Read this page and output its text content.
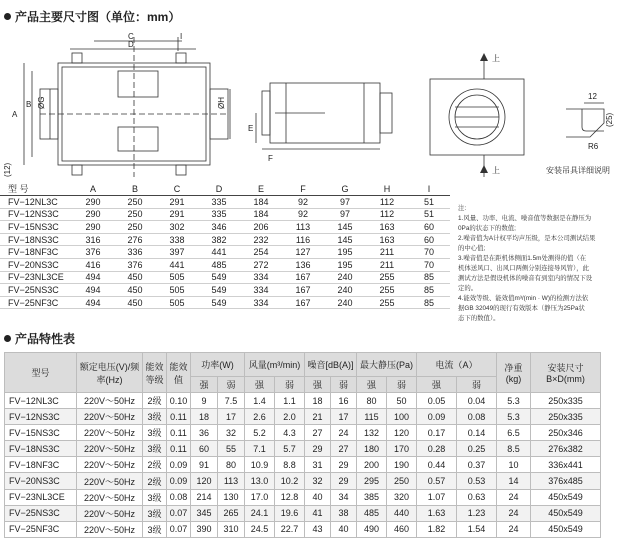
产品主要尺寸图（单位：mm）
C
D
I
A
B ØG	ØH
E
F
上
上
(12)
12
(25)
R6
安装吊具详细说明
型 号	A	B	C	D	E	F	G	H	I
FV−12NL3C	290	250	291	335	184	92	97	112	51
FV−12NS3C	290	250	291	335	184	92	97	112	51
FV−15NS3C	290	250	302	346	206	113	145	163	60
FV−18NS3C	316	276	338	382	232	116	145	163	60
FV−18NF3C	376	336	397	441	254	127	195	211	70
FV−20NS3C	416	376	441	485	272	136	195	211	70
FV−23NL3CE	494	450	505	549	334	167	240	255	85
FV−25NS3C	494	450	505	549	334	167	240	255	85
FV−25NF3C	494	450	505	549	334	167	240	255	85
注:
1.风量、功率、电流、噪音值等数据是在静压为
0Pa的状态下的数值;
2.噪音值为A计权平均声压级，是本公司测试结果
的中心值;
3.噪音值是在距机体侧面1.5m处测得的值（在
机体送风口、出风口两侧分别连接导风管），此
测试方法是假设机体的噪音有到室内的情况下设
定的。
4.能效等级、能效值m³/(min · W)的检测方法依
据GB 32049的现行有效版本（静压为25Pa状
态下的数值）。
产品特性表
型号	额定电压(V)/频率(Hz)	能效等级	能效值	功率(W)		风量(m³/min)		噪音[dB(A)]		最大静压(Pa)		电流（A）		净重(kg)	安装尺寸 B×D(mm)
				强	弱	强	弱	强	弱	强	弱	强	弱		
FV−12NL3C	220V～50Hz	2级	0.10	9	7.5	1.4	1.1	18	16	80	50	0.05	0.04	5.3	250x335
FV−12NS3C	220V～50Hz	3级	0.11	18	17	2.6	2.0	21	17	115	100	0.09	0.08	5.3	250x335
FV−15NS3C	220V～50Hz	3级	0.11	36	32	5.2	4.3	27	24	132	120	0.17	0.14	6.5	250x346
FV−18NS3C	220V～50Hz	3级	0.11	60	55	7.1	5.7	29	27	180	170	0.28	0.25	8.5	276x382
FV−18NF3C	220V～50Hz	2级	0.09	91	80	10.9	8.8	31	29	200	190	0.44	0.37	10	336x441
FV−20NS3C	220V～50Hz	2级	0.09	120	113	13.0	10.2	32	29	295	250	0.57	0.53	14	376x485
FV−23NL3CE	220V～50Hz	3级	0.08	214	130	17.0	12.8	40	34	385	320	1.07	0.63	24	450x549
FV−25NS3C	220V～50Hz	3级	0.07	345	265	24.1	19.6	41	38	485	440	1.63	1.23	24	450x549
FV−25NF3C	220V～50Hz	3级	0.07	390	310	24.5	22.7	43	40	490	460	1.82	1.54	24	450x549
